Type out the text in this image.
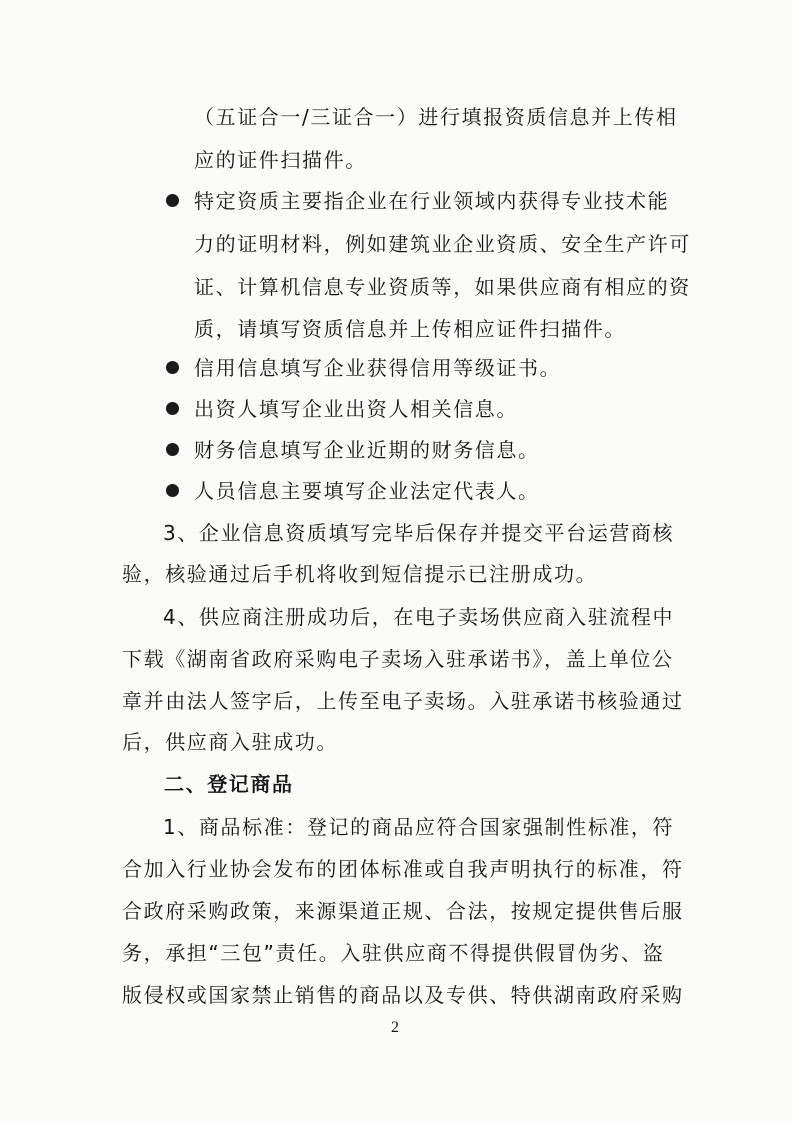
（五证合一/三证合一）进行填报资质信息并上传相
应的证件扫描件。
特定资质主要指企业在行业领域内获得专业技术能
力的证明材料，例如建筑业企业资质、安全生产许可
证、计算机信息专业资质等，如果供应商有相应的资
质，请填写资质信息并上传相应证件扫描件。
信用信息填写企业获得信用等级证书。
出资人填写企业出资人相关信息。
财务信息填写企业近期的财务信息。
人员信息主要填写企业法定代表人。
3、企业信息资质填写完毕后保存并提交平台运营商核
验，核验通过后手机将收到短信提示已注册成功。
4、供应商注册成功后，在电子卖场供应商入驻流程中
下载《湖南省政府采购电子卖场入驻承诺书》，盖上单位公
章并由法人签字后，上传至电子卖场。入驻承诺书核验通过
后，供应商入驻成功。
二、登记商品
1、商品标准：登记的商品应符合国家强制性标准，符
合加入行业协会发布的团体标准或自我声明执行的标准，符
合政府采购政策，来源渠道正规、合法，按规定提供售后服
务，承担“三包”责任。入驻供应商不得提供假冒伪劣、盗
版侵权或国家禁止销售的商品以及专供、特供湖南政府采购
2
